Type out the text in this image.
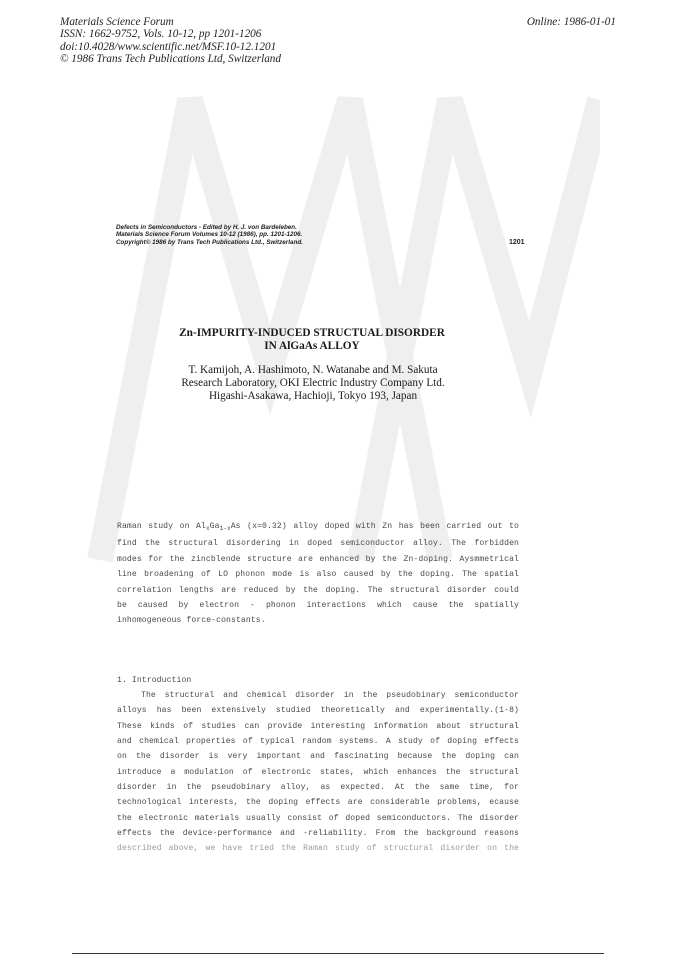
Materials Science Forum
ISSN: 1662-9752, Vols. 10-12, pp 1201-1206
doi:10.4028/www.scientific.net/MSF.10-12.1201
© 1986 Trans Tech Publications Ltd, Switzerland
Online: 1986-01-01
Defects in Semiconductors - Edited by H. J. von Bardeleben.
Materials Science Forum Volumes 10-12 (1986), pp. 1201-1206.
Copyright© 1986 by Trans Tech Publications Ltd., Switzerland.	1201
Zn-IMPURITY-INDUCED STRUCTUAL DISORDER
IN AlGaAs ALLOY
T. Kamijoh, A. Hashimoto, N. Watanabe and M. Sakuta
Research Laboratory, OKI Electric Industry Company Ltd.
Higashi-Asakawa, Hachioji, Tokyo 193, Japan
Raman study on $Al_xGa_{1-x}As$ (x=0.32) alloy doped with Zn has been carried out to
find the structural disordering in doped semiconductor alloy. The forbidden
modes for the zincblende structure are enhanced by the Zn-doping. Aysmmetrical
line broadening of LO phonon mode is also caused by the doping. The spatial
correlation lengths are reduced by the doping. The structural disorder could
be caused by electron - phonon interactions which cause the spatially
inhomogeneous force-constants.
1. Introduction
The structural and chemical disorder in the pseudobinary semiconductor
alloys has been extensively studied theoretically and experimentally.(1-8)
These kinds of studies can provide interesting information about structural
and chemical properties of typical random systems. A study of doping effects
on the disorder is very important and fascinating because the doping can
introduce a modulation of electronic states, which enhances the structural
disorder in the pseudobinary alloy, as expected. At the same time, for
technological interests, the doping effects are considerable problems, ecause
the electronic materials usually consist of doped semiconductors. The disorder
effects the device-performance and -reliability. From the background reasons
described above, we have tried the Raman study of structural disorder on the
